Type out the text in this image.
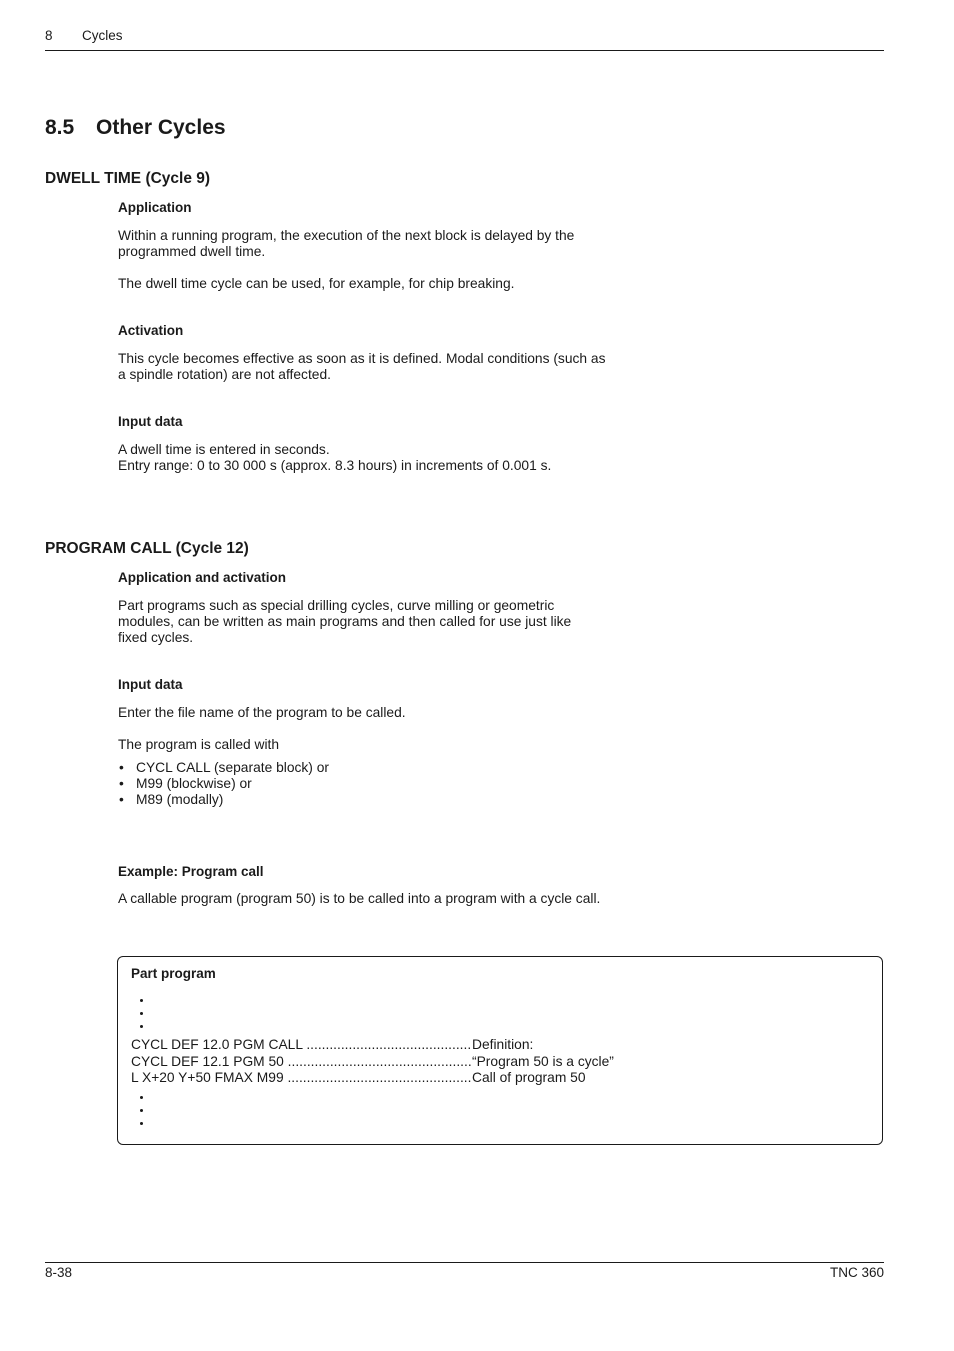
8 Cycles
8.5 Other Cycles
DWELL TIME (Cycle 9)
Application

Within a running program, the execution of the next block is delayed by the programmed dwell time.

The dwell time cycle can be used, for example, for chip breaking.

Activation

This cycle becomes effective as soon as it is defined. Modal conditions (such as a spindle rotation) are not affected.

Input data

A dwell time is entered in seconds.

Entry range: 0 to 30 000 s (approx. 8.3 hours) in increments of 0.001 s.

PROGRAM CALL (Cycle 12)
Application and activation

Part programs such as special drilling cycles, curve milling or geometric modules, can be written as main programs and then called for use just like fixed cycles.

Input data

Enter the file name of the program to be called.

The program is called with

• CYCL CALL (separate block) or
• M99 (blockwise) or
• M89 (modally)
Example: Program call

A callable program (program 50) is to be called into a program with a cycle call.

Part program
CYCL DEF 12.0 PGM CALL .....	Definition:
CYCL DEF 12.1 PGM 50 .....	“Program 50 is a cycle”
L X+20 Y+50 FMAX M99 .....	Call of program 50
8-38	TNC 360
